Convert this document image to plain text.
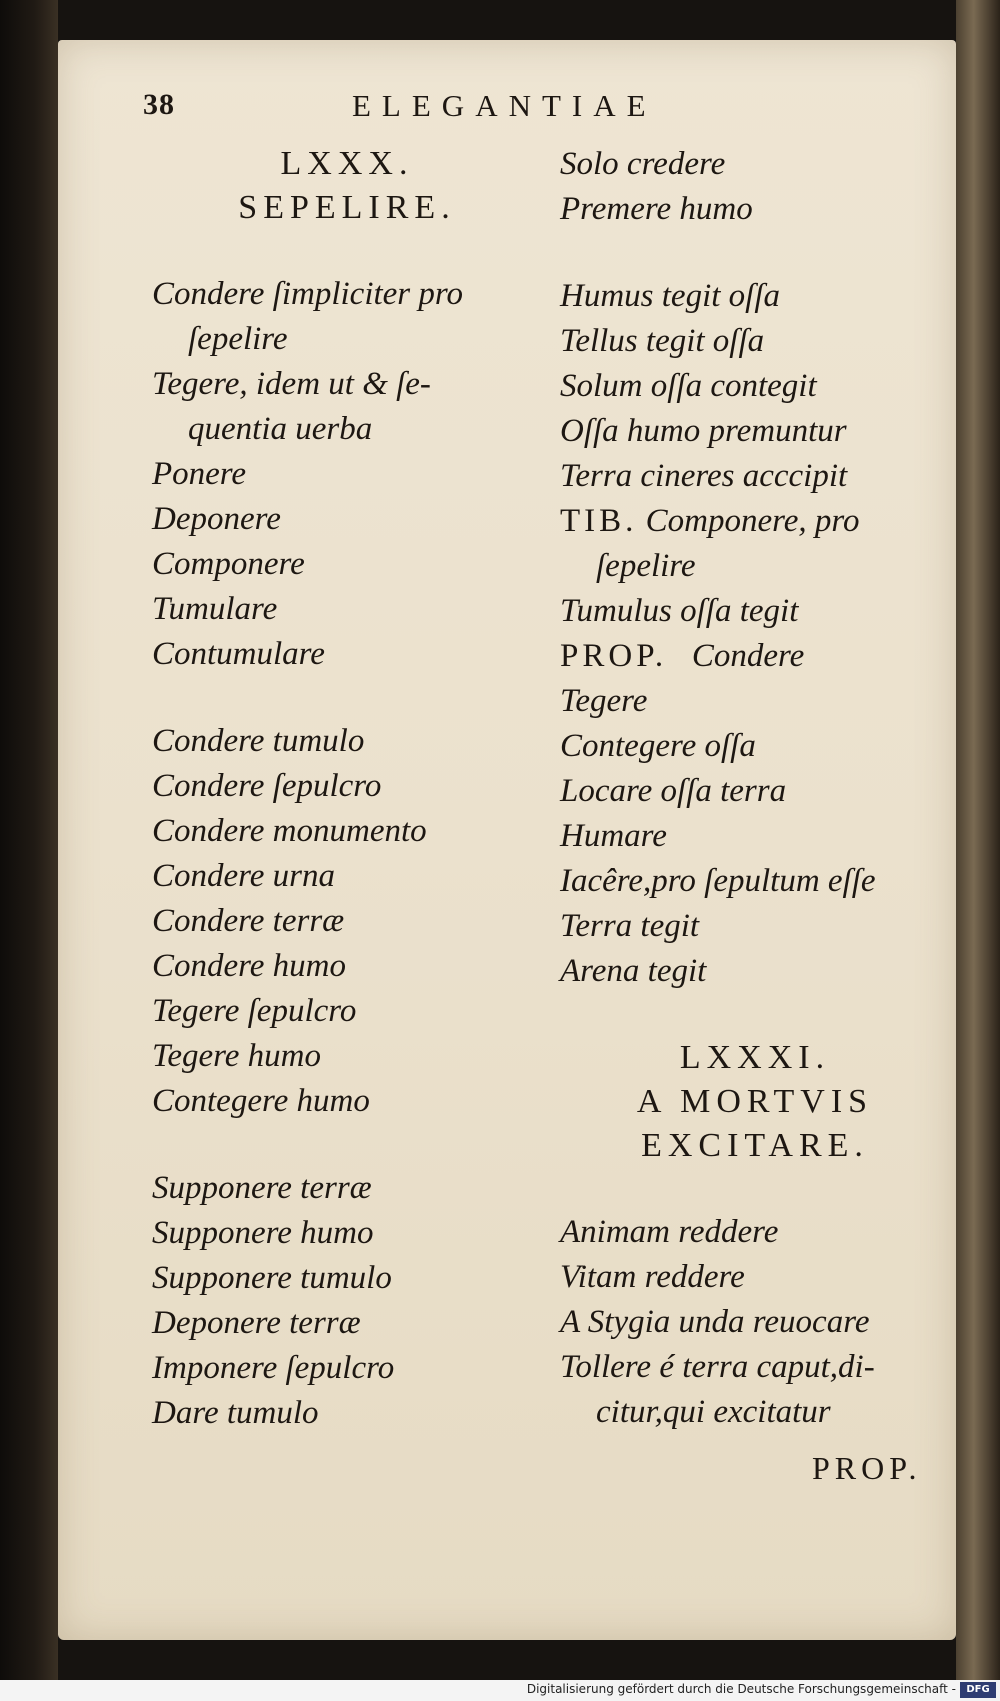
38	ELEGANTIAE
LXXX.
SEPELIRE.
Condere ſimpliciter pro
ſepelire
Tegere, idem ut & ſe-
quentia uerba
Ponere
Deponere
Componere
Tumulare
Contumulare
Condere tumulo
Condere ſepulcro
Condere monumento
Condere urna
Condere terræ
Condere humo
Tegere ſepulcro
Tegere humo
Contegere humo
Supponere terræ
Supponere humo
Supponere tumulo
Deponere terræ
Imponere ſepulcro
Dare tumulo
Solo credere
Premere humo
Humus tegit oſſa
Tellus tegit oſſa
Solum oſſa contegit
Oſſa humo premuntur
Terra cineres acccipit
TIB. Componere, pro
ſepelire
Tumulus oſſa tegit
PROP. Condere
Tegere
Contegere oſſa
Locare oſſa terra
Humare
Iacêre,pro ſepultum eſſe
Terra tegit
Arena tegit
LXXXI.
A MORTVIS
EXCITARE.
Animam reddere
Vitam reddere
A Stygia unda reuocare
Tollere é terra caput,di-
citur,qui excitatur
PROP.
Digitalisierung gefördert durch die Deutsche Forschungsgemeinschaft -	DFG
